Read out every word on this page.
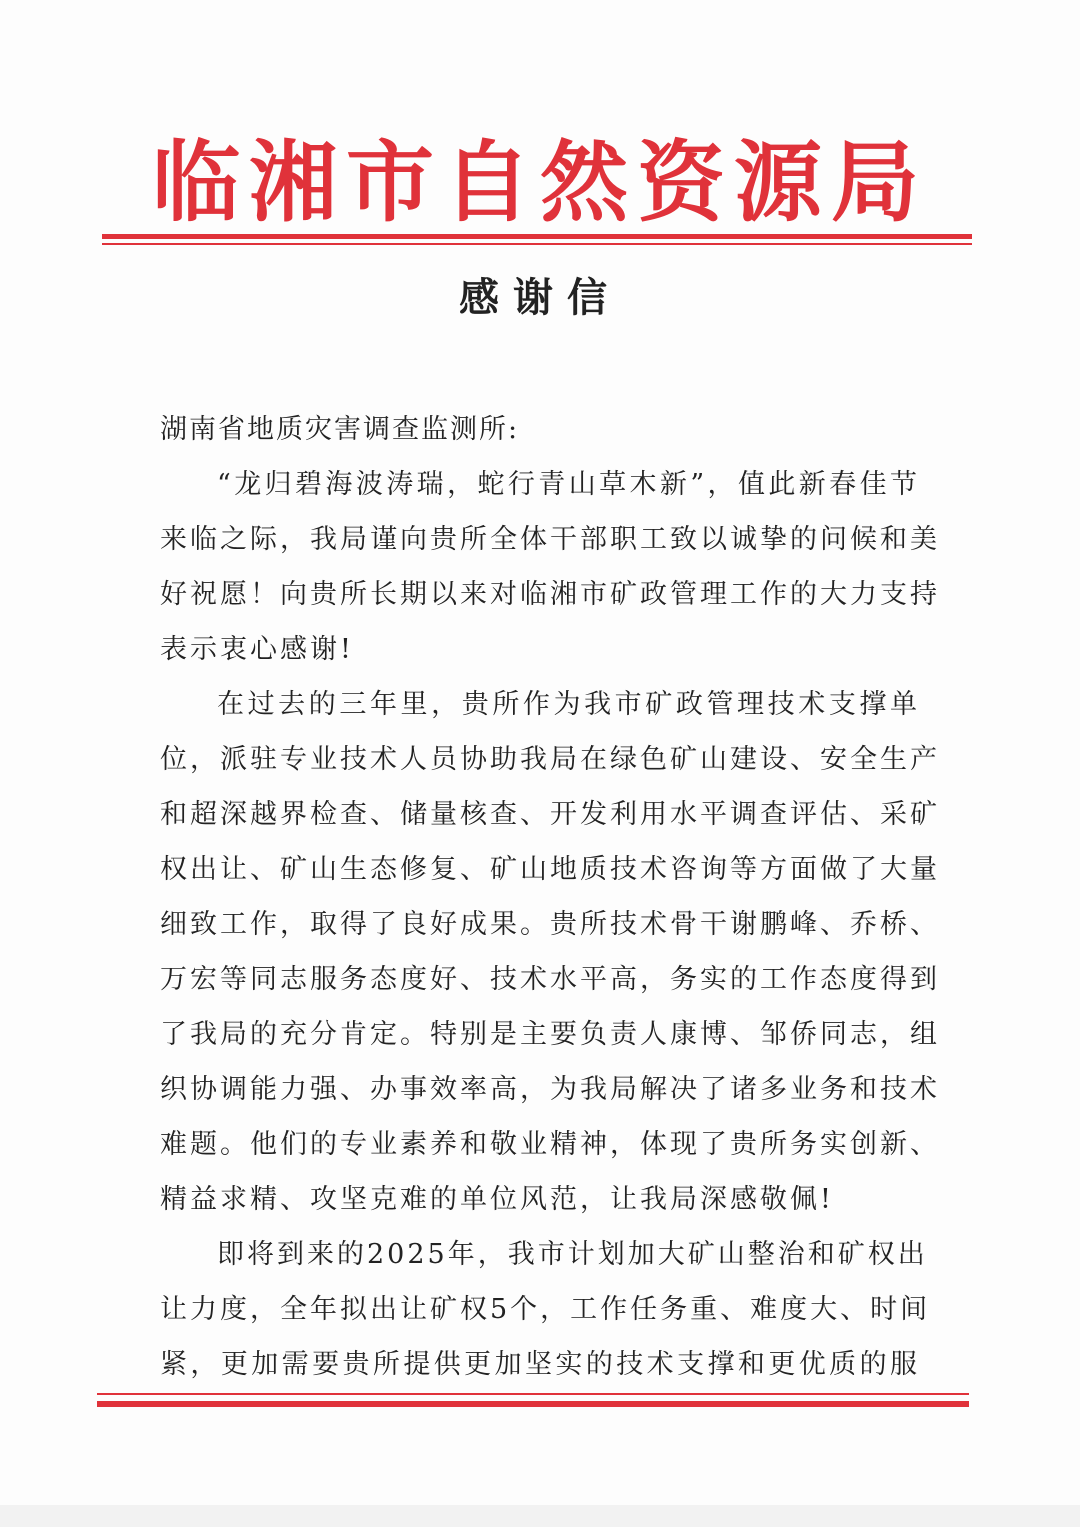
临湘市自然资源局
感谢信
湖南省地质灾害调查监测所:
“龙归碧海波涛瑞，蛇行青山草木新”，值此新春佳节
来临之际，我局谨向贵所全体干部职工致以诚挚的问候和美
好祝愿！向贵所长期以来对临湘市矿政管理工作的大力支持
表示衷心感谢!
在过去的三年里，贵所作为我市矿政管理技术支撑单
位，派驻专业技术人员协助我局在绿色矿山建设、安全生产
和超深越界检查、储量核查、开发利用水平调查评估、采矿
权出让、矿山生态修复、矿山地质技术咨询等方面做了大量
细致工作，取得了良好成果。贵所技术骨干谢鹏峰、乔桥、
万宏等同志服务态度好、技术水平高，务实的工作态度得到
了我局的充分肯定。特别是主要负责人康博、邹侨同志，组
织协调能力强、办事效率高，为我局解决了诸多业务和技术
难题。他们的专业素养和敬业精神，体现了贵所务实创新、
精益求精、攻坚克难的单位风范，让我局深感敬佩!
即将到来的2025年，我市计划加大矿山整治和矿权出
让力度，全年拟出让矿权5个，工作任务重、难度大、时间
紧，更加需要贵所提供更加坚实的技术支撑和更优质的服
